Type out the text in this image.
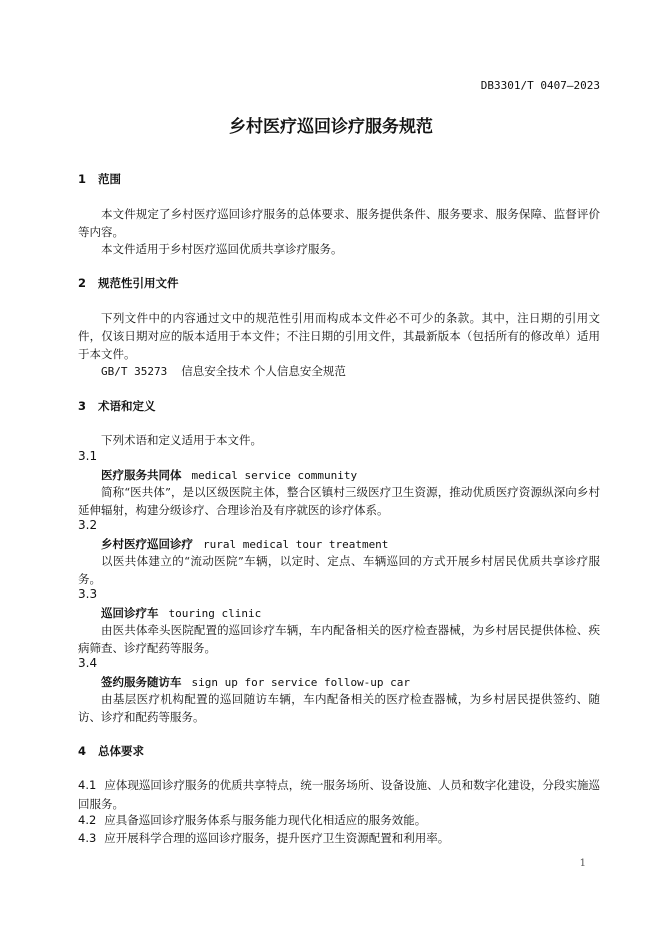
DB3301/T 0407—2023
乡村医疗巡回诊疗服务规范
1 范围
本文件规定了乡村医疗巡回诊疗服务的总体要求、服务提供条件、服务要求、服务保障、监督评价等内容。
本文件适用于乡村医疗巡回优质共享诊疗服务。
2 规范性引用文件
下列文件中的内容通过文中的规范性引用而构成本文件必不可少的条款。其中，注日期的引用文件，仅该日期对应的版本适用于本文件；不注日期的引用文件，其最新版本（包括所有的修改单）适用于本文件。
GB/T 35273 信息安全技术 个人信息安全规范
3 术语和定义
下列术语和定义适用于本文件。
3.1
医疗服务共同体 medical service community
简称“医共体”，是以区级医院主体，整合区镇村三级医疗卫生资源，推动优质医疗资源纵深向乡村延伸辐射，构建分级诊疗、合理诊治及有序就医的诊疗体系。
3.2
乡村医疗巡回诊疗 rural medical tour treatment
以医共体建立的“流动医院”车辆，以定时、定点、车辆巡回的方式开展乡村居民优质共享诊疗服务。
3.3
巡回诊疗车 touring clinic
由医共体牵头医院配置的巡回诊疗车辆，车内配备相关的医疗检查器械，为乡村居民提供体检、疾病筛查、诊疗配药等服务。
3.4
签约服务随访车 sign up for service follow-up car
由基层医疗机构配置的巡回随访车辆，车内配备相关的医疗检查器械，为乡村居民提供签约、随访、诊疗和配药等服务。
4 总体要求
4.1 应体现巡回诊疗服务的优质共享特点，统一服务场所、设备设施、人员和数字化建设，分段实施巡回服务。
4.2 应具备巡回诊疗服务体系与服务能力现代化相适应的服务效能。
4.3 应开展科学合理的巡回诊疗服务，提升医疗卫生资源配置和利用率。
1
